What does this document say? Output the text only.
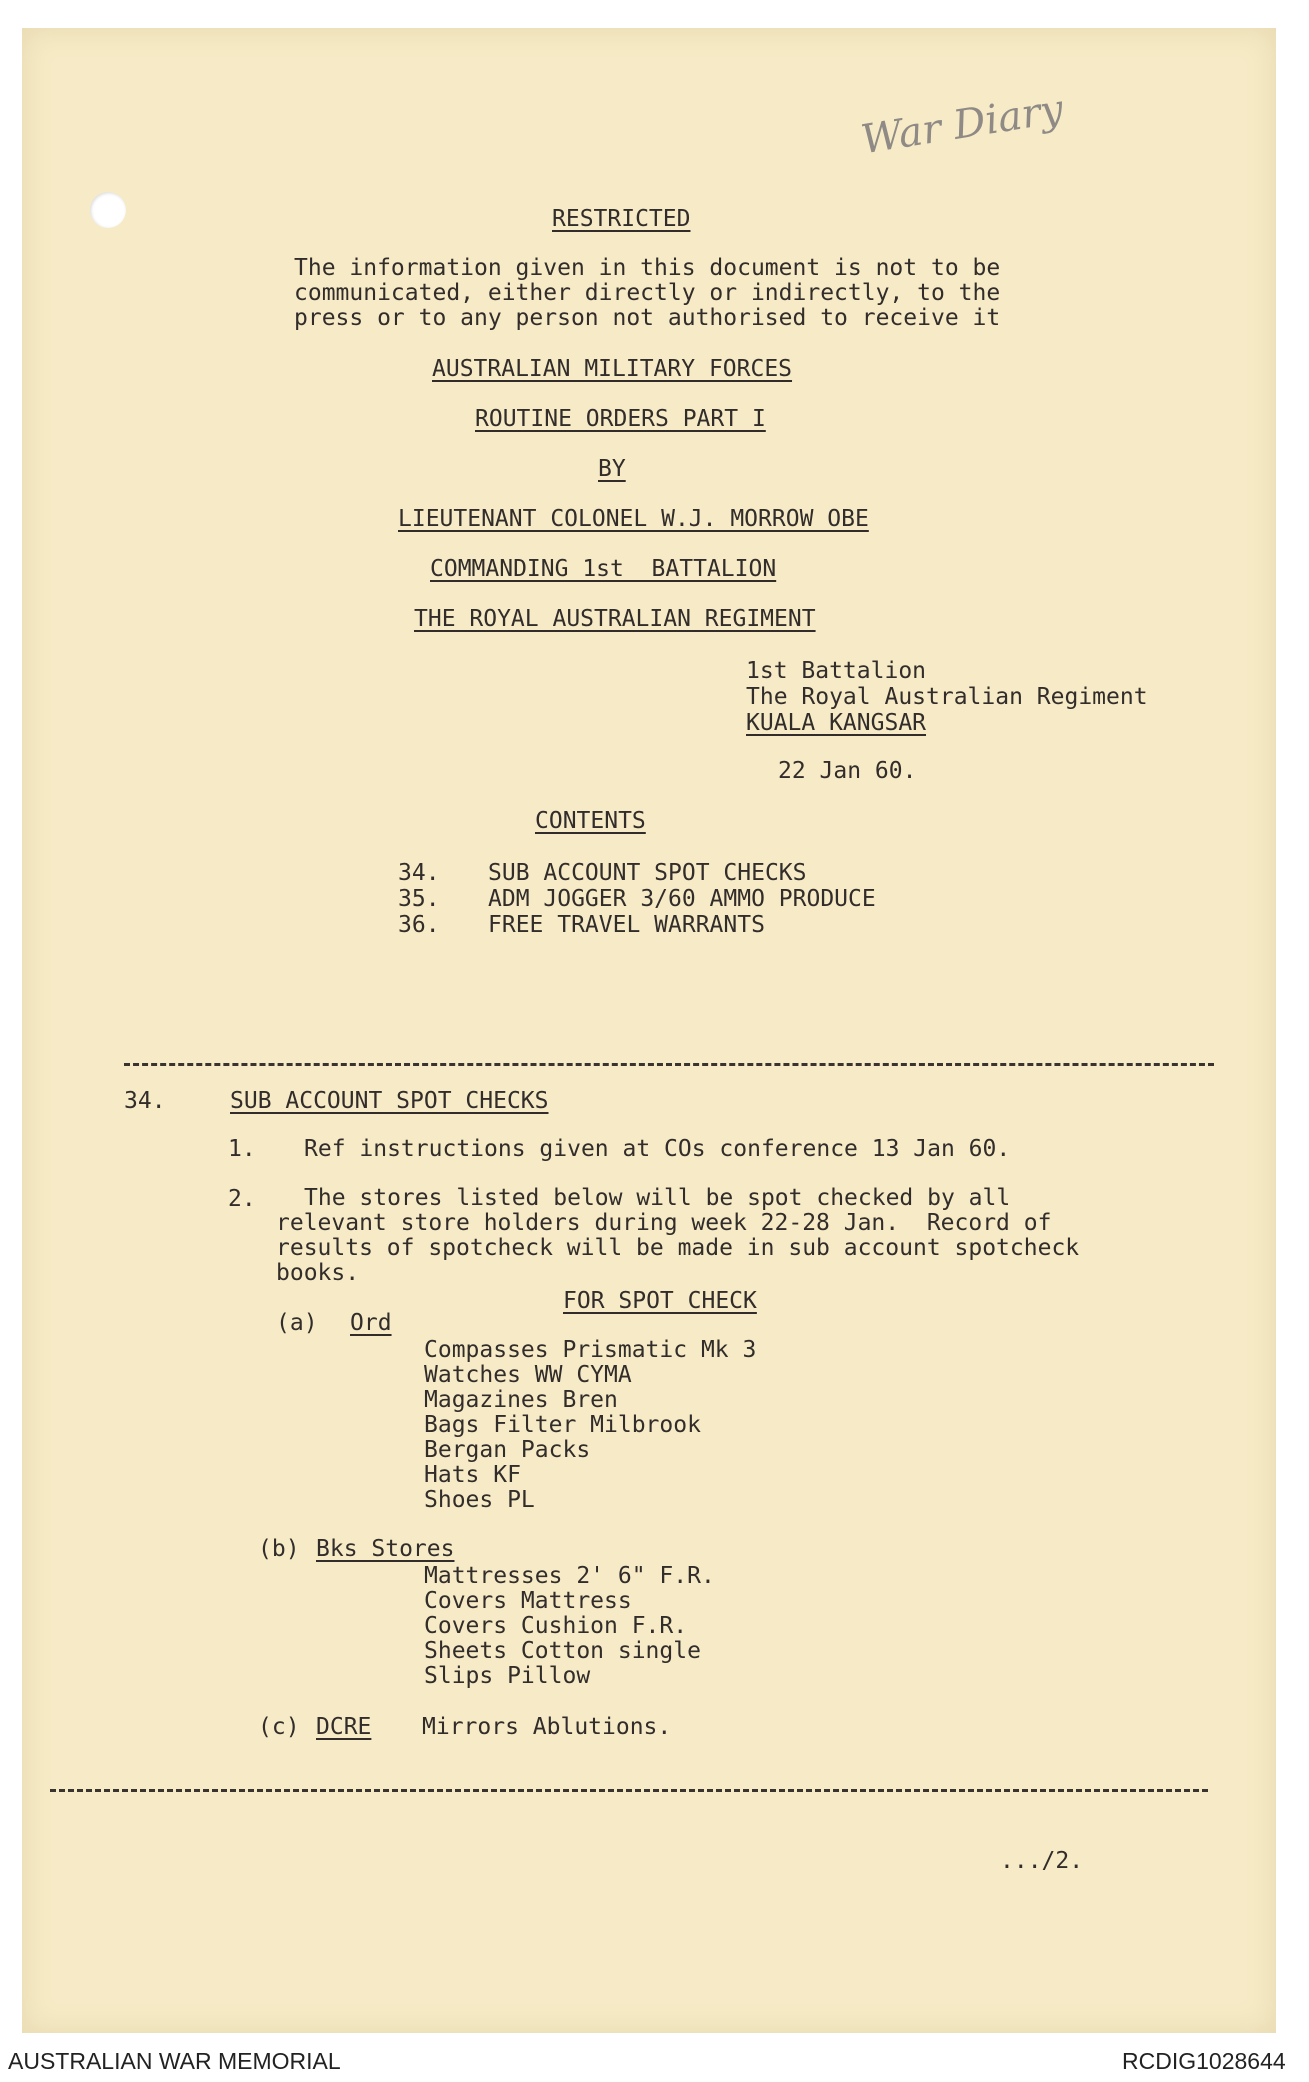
War Diary
RESTRICTED
The information given in this document is not to be
communicated, either directly or indirectly, to the
press or to any person not authorised to receive it
AUSTRALIAN MILITARY FORCES
ROUTINE ORDERS PART I
BY
LIEUTENANT COLONEL W.J. MORROW OBE
COMMANDING 1st  BATTALION
THE ROYAL AUSTRALIAN REGIMENT
1st Battalion
The Royal Australian Regiment
KUALA KANGSAR
22 Jan 60.
CONTENTS
34. SUB ACCOUNT SPOT CHECKS
35. ADM JOGGER 3/60 AMMO PRODUCE
36. FREE TRAVEL WARRANTS
34.	SUB ACCOUNT SPOT CHECKS
1. Ref instructions given at COs conference 13 Jan 60.
2.	The stores listed below will be spot checked by all
relevant store holders during week 22-28 Jan.  Record of
results of spotcheck will be made in sub account spotcheck
books.
FOR SPOT CHECK
(a) Ord
Compasses Prismatic Mk 3
Watches WW CYMA
Magazines Bren
Bags Filter Milbrook
Bergan Packs
Hats KF
Shoes PL
(b) Bks Stores
Mattresses 2' 6" F.R.
Covers Mattress
Covers Cushion F.R.
Sheets Cotton single
Slips Pillow
(c) DCRE Mirrors Ablutions.
.../2.
AUSTRALIAN WAR MEMORIAL	RCDIG1028644
